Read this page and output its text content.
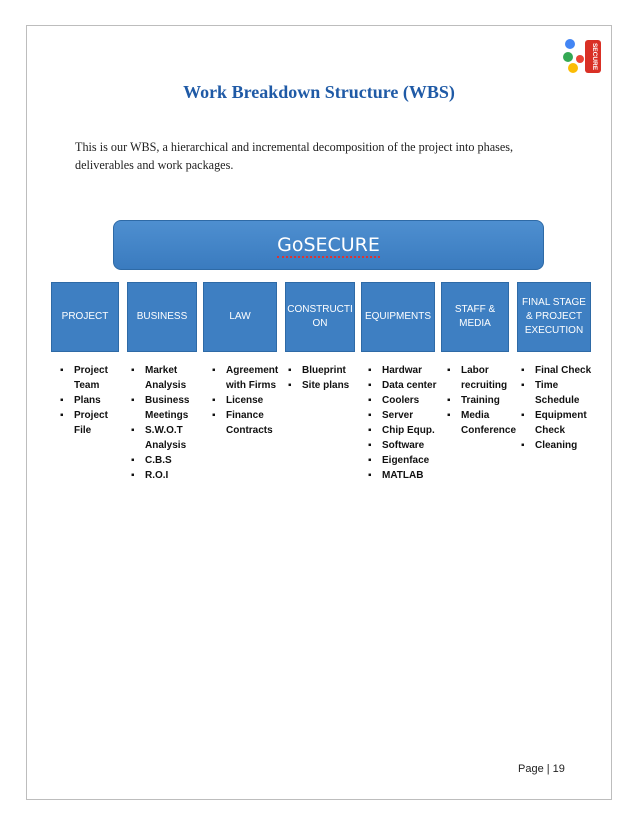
SECURE
Work Breakdown Structure (WBS)
This is our WBS, a hierarchical and incremental decomposition of the project into phases, deliverables and work packages.
GoSECURE
PROJECT	BUSINESS	LAW
CONSTRUCTI ON
EQUIPMENTS
STAFF & MEDIA
FINAL STAGE & PROJECT EXECUTION
▪ Project Team
▪ Plans
▪ Project File
▪ Market Analysis
▪ Business Meetings
▪ S.W.O.T Analysis
▪ C.B.S
▪ R.O.I
▪ Agreement with Firms
▪ License
▪ Finance Contracts
▪ Blueprint
▪ Site plans
▪ Hardwar
▪ Data center
▪ Coolers
▪ Server
▪ Chip Equp.
▪ Software
▪ Eigenface
▪ MATLAB
▪ Labor recruiting
▪ Training
▪ Media Conference
▪ Final Check
▪ Time Schedule
▪ Equipment Check
▪ Cleaning
Page | 19
